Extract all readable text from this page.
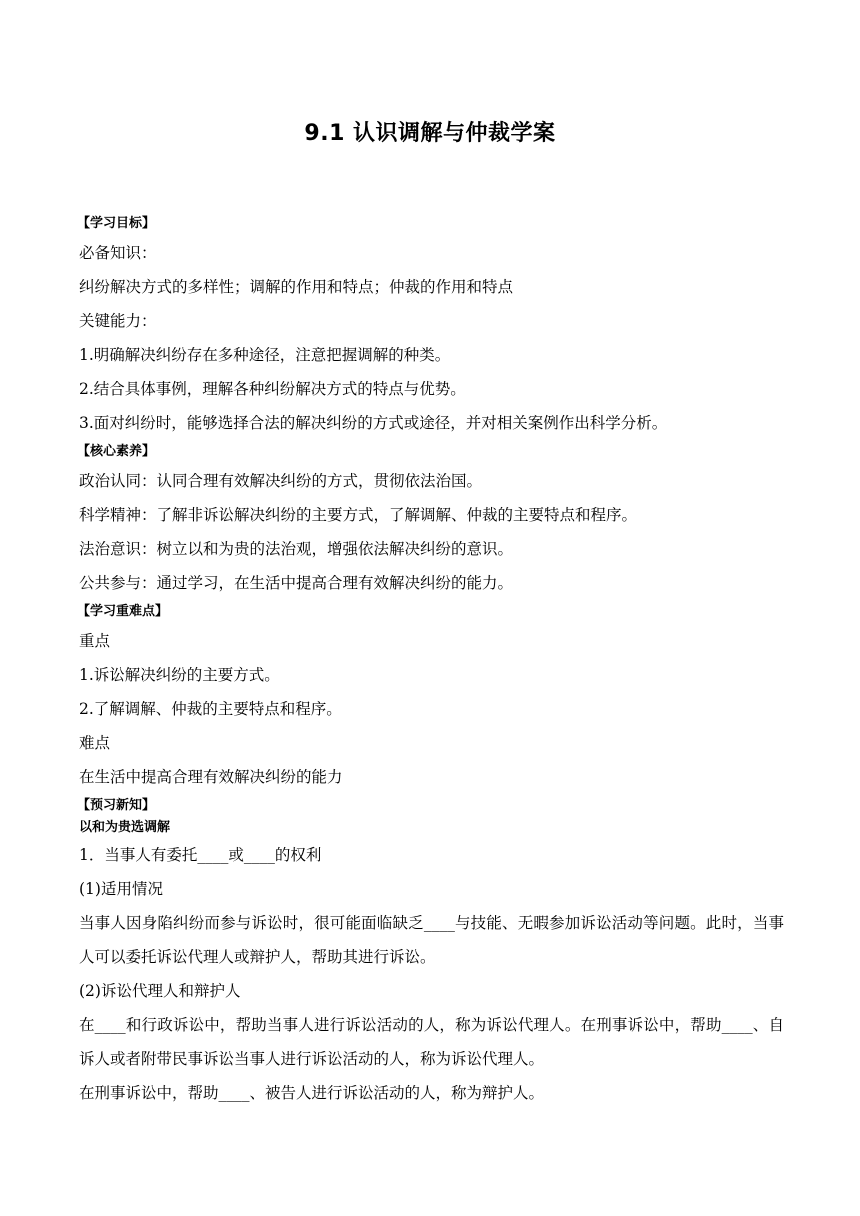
9.1 认识调解与仲裁学案
【学习目标】
必备知识：
纠纷解决方式的多样性；调解的作用和特点；仲裁的作用和特点
关键能力：
1.明确解决纠纷存在多种途径，注意把握调解的种类。
2.结合具体事例，理解各种纠纷解决方式的特点与优势。
3.面对纠纷时，能够选择合法的解决纠纷的方式或途径，并对相关案例作出科学分析。
【核心素养】
政治认同：认同合理有效解决纠纷的方式，贯彻依法治国。
科学精神：了解非诉讼解决纠纷的主要方式，了解调解、仲裁的主要特点和程序。
法治意识：树立以和为贵的法治观，增强依法解决纠纷的意识。
公共参与：通过学习，在生活中提高合理有效解决纠纷的能力。
【学习重难点】
重点
1.诉讼解决纠纷的主要方式。
2.了解调解、仲裁的主要特点和程序。
难点
在生活中提高合理有效解决纠纷的能力
【预习新知】
以和为贵选调解
1．当事人有委托____或____的权利
(1)适用情况
当事人因身陷纠纷而参与诉讼时，很可能面临缺乏____与技能、无暇参加诉讼活动等问题。此时，当事人可以委托诉讼代理人或辩护人，帮助其进行诉讼。
(2)诉讼代理人和辩护人
在____和行政诉讼中，帮助当事人进行诉讼活动的人，称为诉讼代理人。在刑事诉讼中，帮助____、自诉人或者附带民事诉讼当事人进行诉讼活动的人，称为诉讼代理人。
在刑事诉讼中，帮助____、被告人进行诉讼活动的人，称为辩护人。
